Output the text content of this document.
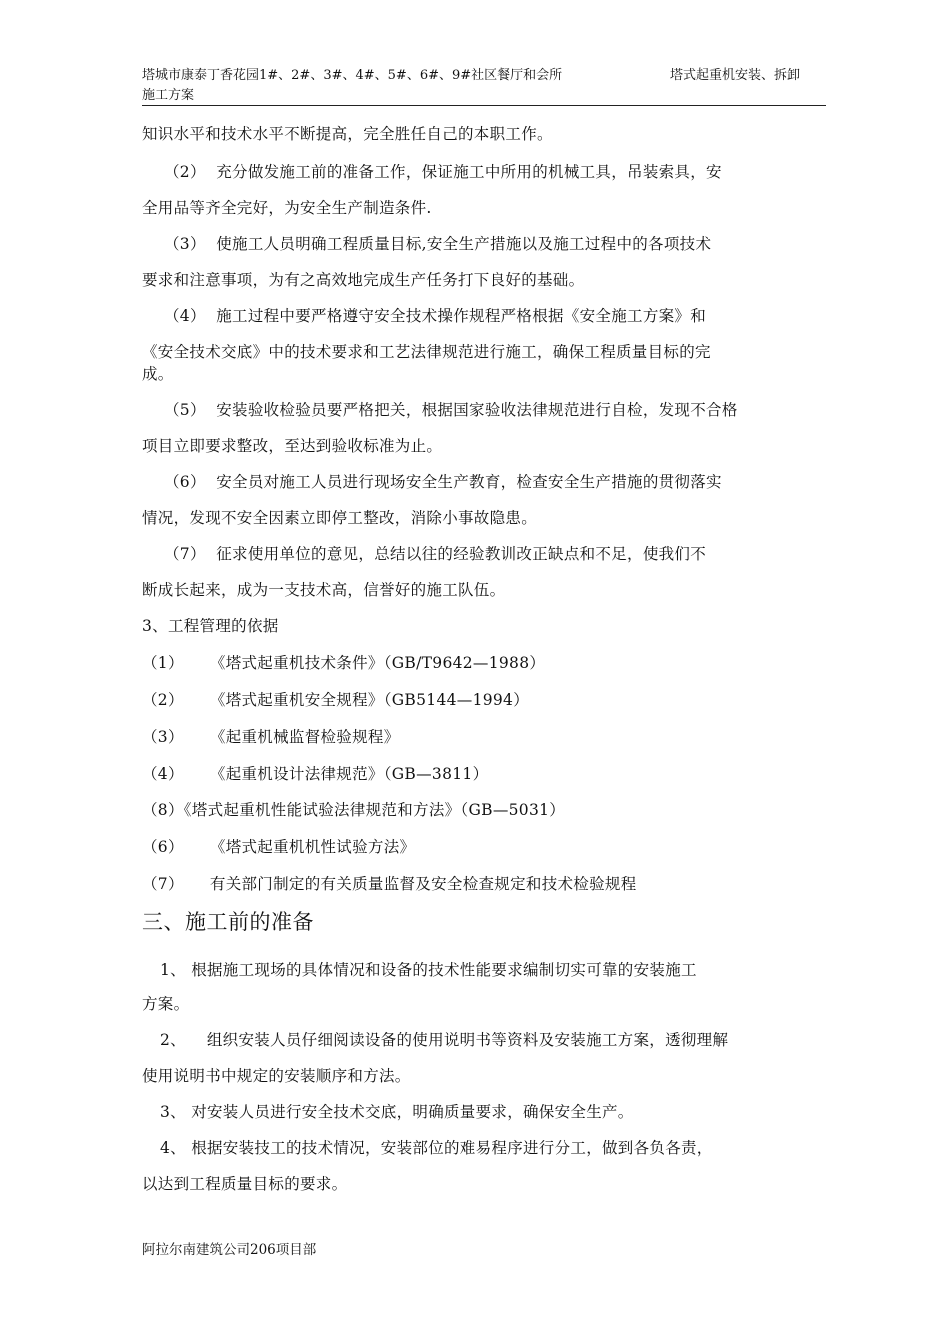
塔城市康泰丁香花园1#、2#、3#、4#、5#、6#、9#社区餐厅和会所
施工方案
塔式起重机安装、拆卸
知识水平和技术水平不断提高，完全胜任自己的本职工作。
（2）  充分做发施工前的准备工作，保证施工中所用的机械工具，吊装索具，安
全用品等齐全完好，为安全生产制造条件.
（3）  使施工人员明确工程质量目标,安全生产措施以及施工过程中的各项技术
要求和注意事项，为有之高效地完成生产任务打下良好的基础。
（4）  施工过程中要严格遵守安全技术操作规程严格根据《安全施工方案》和
《安全技术交底》中的技术要求和工艺法律规范进行施工，确保工程质量目标的完
成。
（5）  安装验收检验员要严格把关，根据国家验收法律规范进行自检，发现不合格
项目立即要求整改，至达到验收标准为止。
（6）  安全员对施工人员进行现场安全生产教育，检查安全生产措施的贯彻落实
情况，发现不安全因素立即停工整改，消除小事故隐患。
（7）  征求使用单位的意见，总结以往的经验教训改正缺点和不足，使我们不
断成长起来，成为一支技术高，信誉好的施工队伍。
3、工程管理的依据
（1）     《塔式起重机技术条件》（GB/T9642—1988）
（2）     《塔式起重机安全规程》（GB5144—1994）
（3）     《起重机械监督检验规程》
（4）     《起重机设计法律规范》（GB—3811）
（8）《塔式起重机性能试验法律规范和方法》（GB—5031）
（6）     《塔式起重机机性试验方法》
（7）     有关部门制定的有关质量监督及安全检查规定和技术检验规程
三、施工前的准备
1、 根据施工现场的具体情况和设备的技术性能要求编制切实可靠的安装施工
方案。
2、    组织安装人员仔细阅读设备的使用说明书等资料及安装施工方案，透彻理解
使用说明书中规定的安装顺序和方法。
3、 对安装人员进行安全技术交底，明确质量要求，确保安全生产。
4、 根据安装技工的技术情况，安装部位的难易程序进行分工，做到各负各责，
以达到工程质量目标的要求。
阿拉尔南建筑公司206项目部
